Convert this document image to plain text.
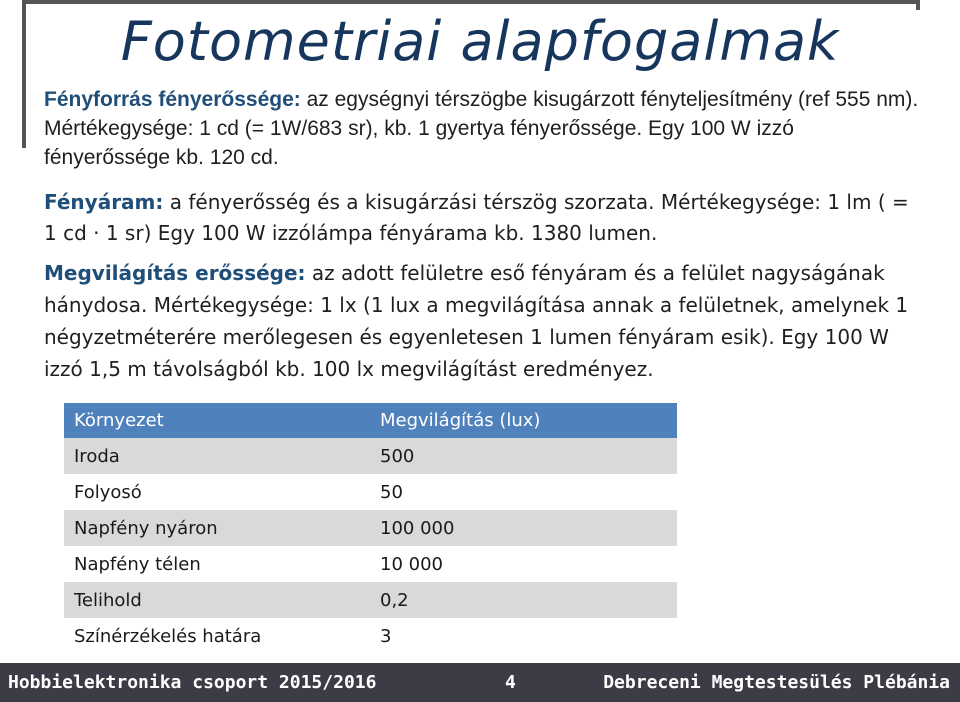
Fotometriai alapfogalmak

Fényforrás fényerőssége: az egységnyi térszögbe kisugárzott fényteljesítmény (ref 555 nm). Mértékegysége: 1 cd (= 1W/683 sr), kb. 1 gyertya fényerőssége. Egy 100 W izzó fényerőssége kb. 120 cd.

Fényáram: a fényerősség és a kisugárzási térszög szorzata. Mértékegysége: 1 lm ( = 1 cd · 1 sr) Egy 100 W izzólámpa fényárama kb. 1380 lumen.

Megvilágítás erőssége: az adott felületre eső fényáram és a felület nagyságának hánydosa. Mértékegysége: 1 lx (1 lux a megvilágítása annak a felületnek, amelynek 1 négyzetméterére merőlegesen és egyenletesen 1 lumen fényáram esik). Egy 100 W izzó 1,5 m távolságból kb. 100 lx megvilágítást eredményez.

Környezet	Megvilágítás (lux)
Iroda	500
Folyosó	50
Napfény nyáron	100 000
Napfény télen	10 000
Telihold	0,2
Színérzékelés határa	3
Hobbielektronika csoport 2015/2016	4	Debreceni Megtestesülés Plébánia
